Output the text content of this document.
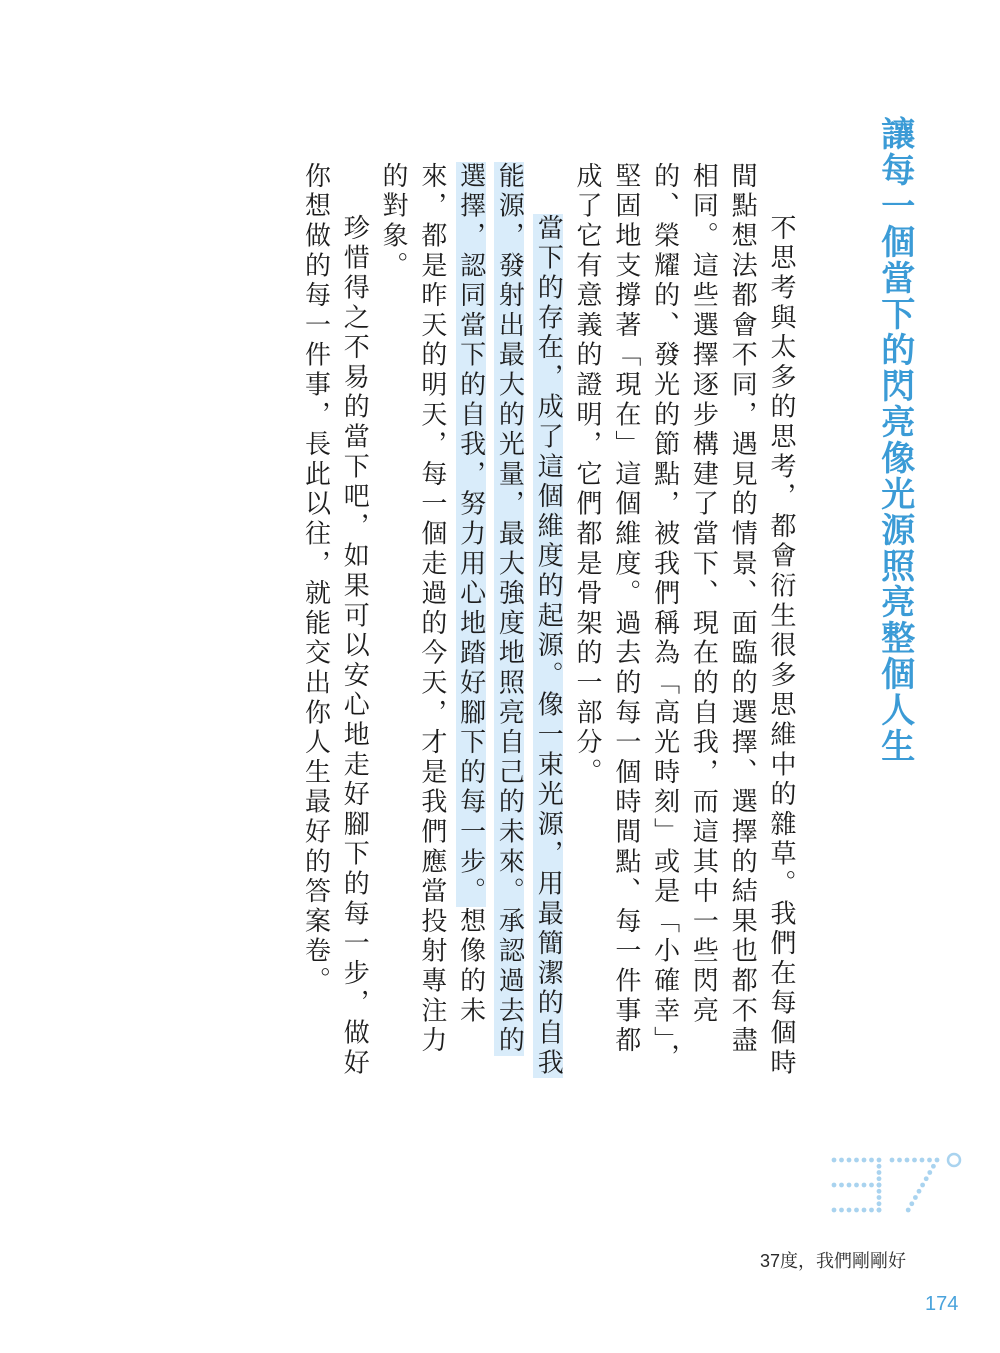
讓每一個當下的閃亮像光源照亮整個人生

不思考與太多的思考，都會衍生很多思維中的雜草。我們在每個時間點想法都會不同，遇見的情景、面臨的選擇、選擇的結果也都不盡相同。這些選擇逐步構建了當下、現在的自我，而這其中一些閃亮的、榮耀的、發光的節點，被我們稱為「高光時刻」或是「小確幸」，堅固地支撐著「現在」這個維度。過去的每一個時間點、每一件事都成了它有意義的證明，它們都是骨架的一部分。

當下的存在，成了這個維度的起源。像一束光源，用最簡潔的自我能源，發射出最大的光量，最大強度地照亮自己的未來。承認過去的選擇，認同當下的自我，努力用心地踏好腳下的每一步。想像的未來，都是昨天的明天，每一個走過的今天，才是我們應當投射專注力的對象。

珍惜得之不易的當下吧，如果可以安心地走好腳下的每一步，做好你想做的每一件事，長此以往，就能交出你人生最好的答案卷。

37度，我們剛剛好
174
